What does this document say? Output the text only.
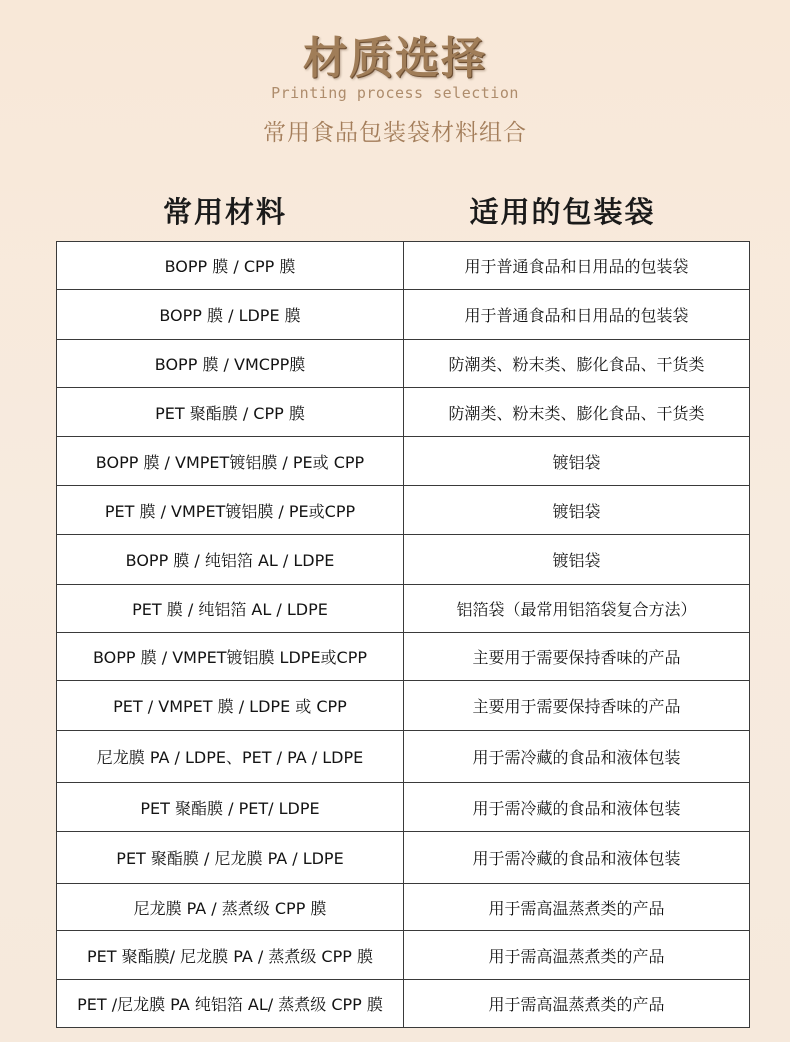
材质选择
Printing process selection
常用食品包装袋材料组合
常用材料	适用的包装袋
BOPP 膜 / CPP 膜	用于普通食品和日用品的包装袋
BOPP 膜 / LDPE 膜	用于普通食品和日用品的包装袋
BOPP 膜 / VMCPP膜	防潮类、粉末类、膨化食品、干货类
PET 聚酯膜 / CPP 膜	防潮类、粉末类、膨化食品、干货类
BOPP 膜 / VMPET镀铝膜 / PE或 CPP	镀铝袋
PET 膜 / VMPET镀铝膜 / PE或CPP	镀铝袋
BOPP 膜 / 纯铝箔 AL / LDPE	镀铝袋
PET 膜 / 纯铝箔 AL / LDPE	铝箔袋（最常用铝箔袋复合方法）
BOPP 膜 / VMPET镀铝膜 LDPE或CPP	主要用于需要保持香味的产品
PET / VMPET 膜 / LDPE 或 CPP	主要用于需要保持香味的产品
尼龙膜 PA / LDPE、PET / PA / LDPE	用于需冷藏的食品和液体包装
PET 聚酯膜 / PET/ LDPE	用于需冷藏的食品和液体包装
PET 聚酯膜 / 尼龙膜 PA / LDPE	用于需冷藏的食品和液体包装
尼龙膜 PA / 蒸煮级 CPP 膜	用于需高温蒸煮类的产品
PET 聚酯膜/ 尼龙膜 PA / 蒸煮级 CPP 膜	用于需高温蒸煮类的产品
PET /尼龙膜 PA 纯铝箔 AL/ 蒸煮级 CPP 膜	用于需高温蒸煮类的产品
